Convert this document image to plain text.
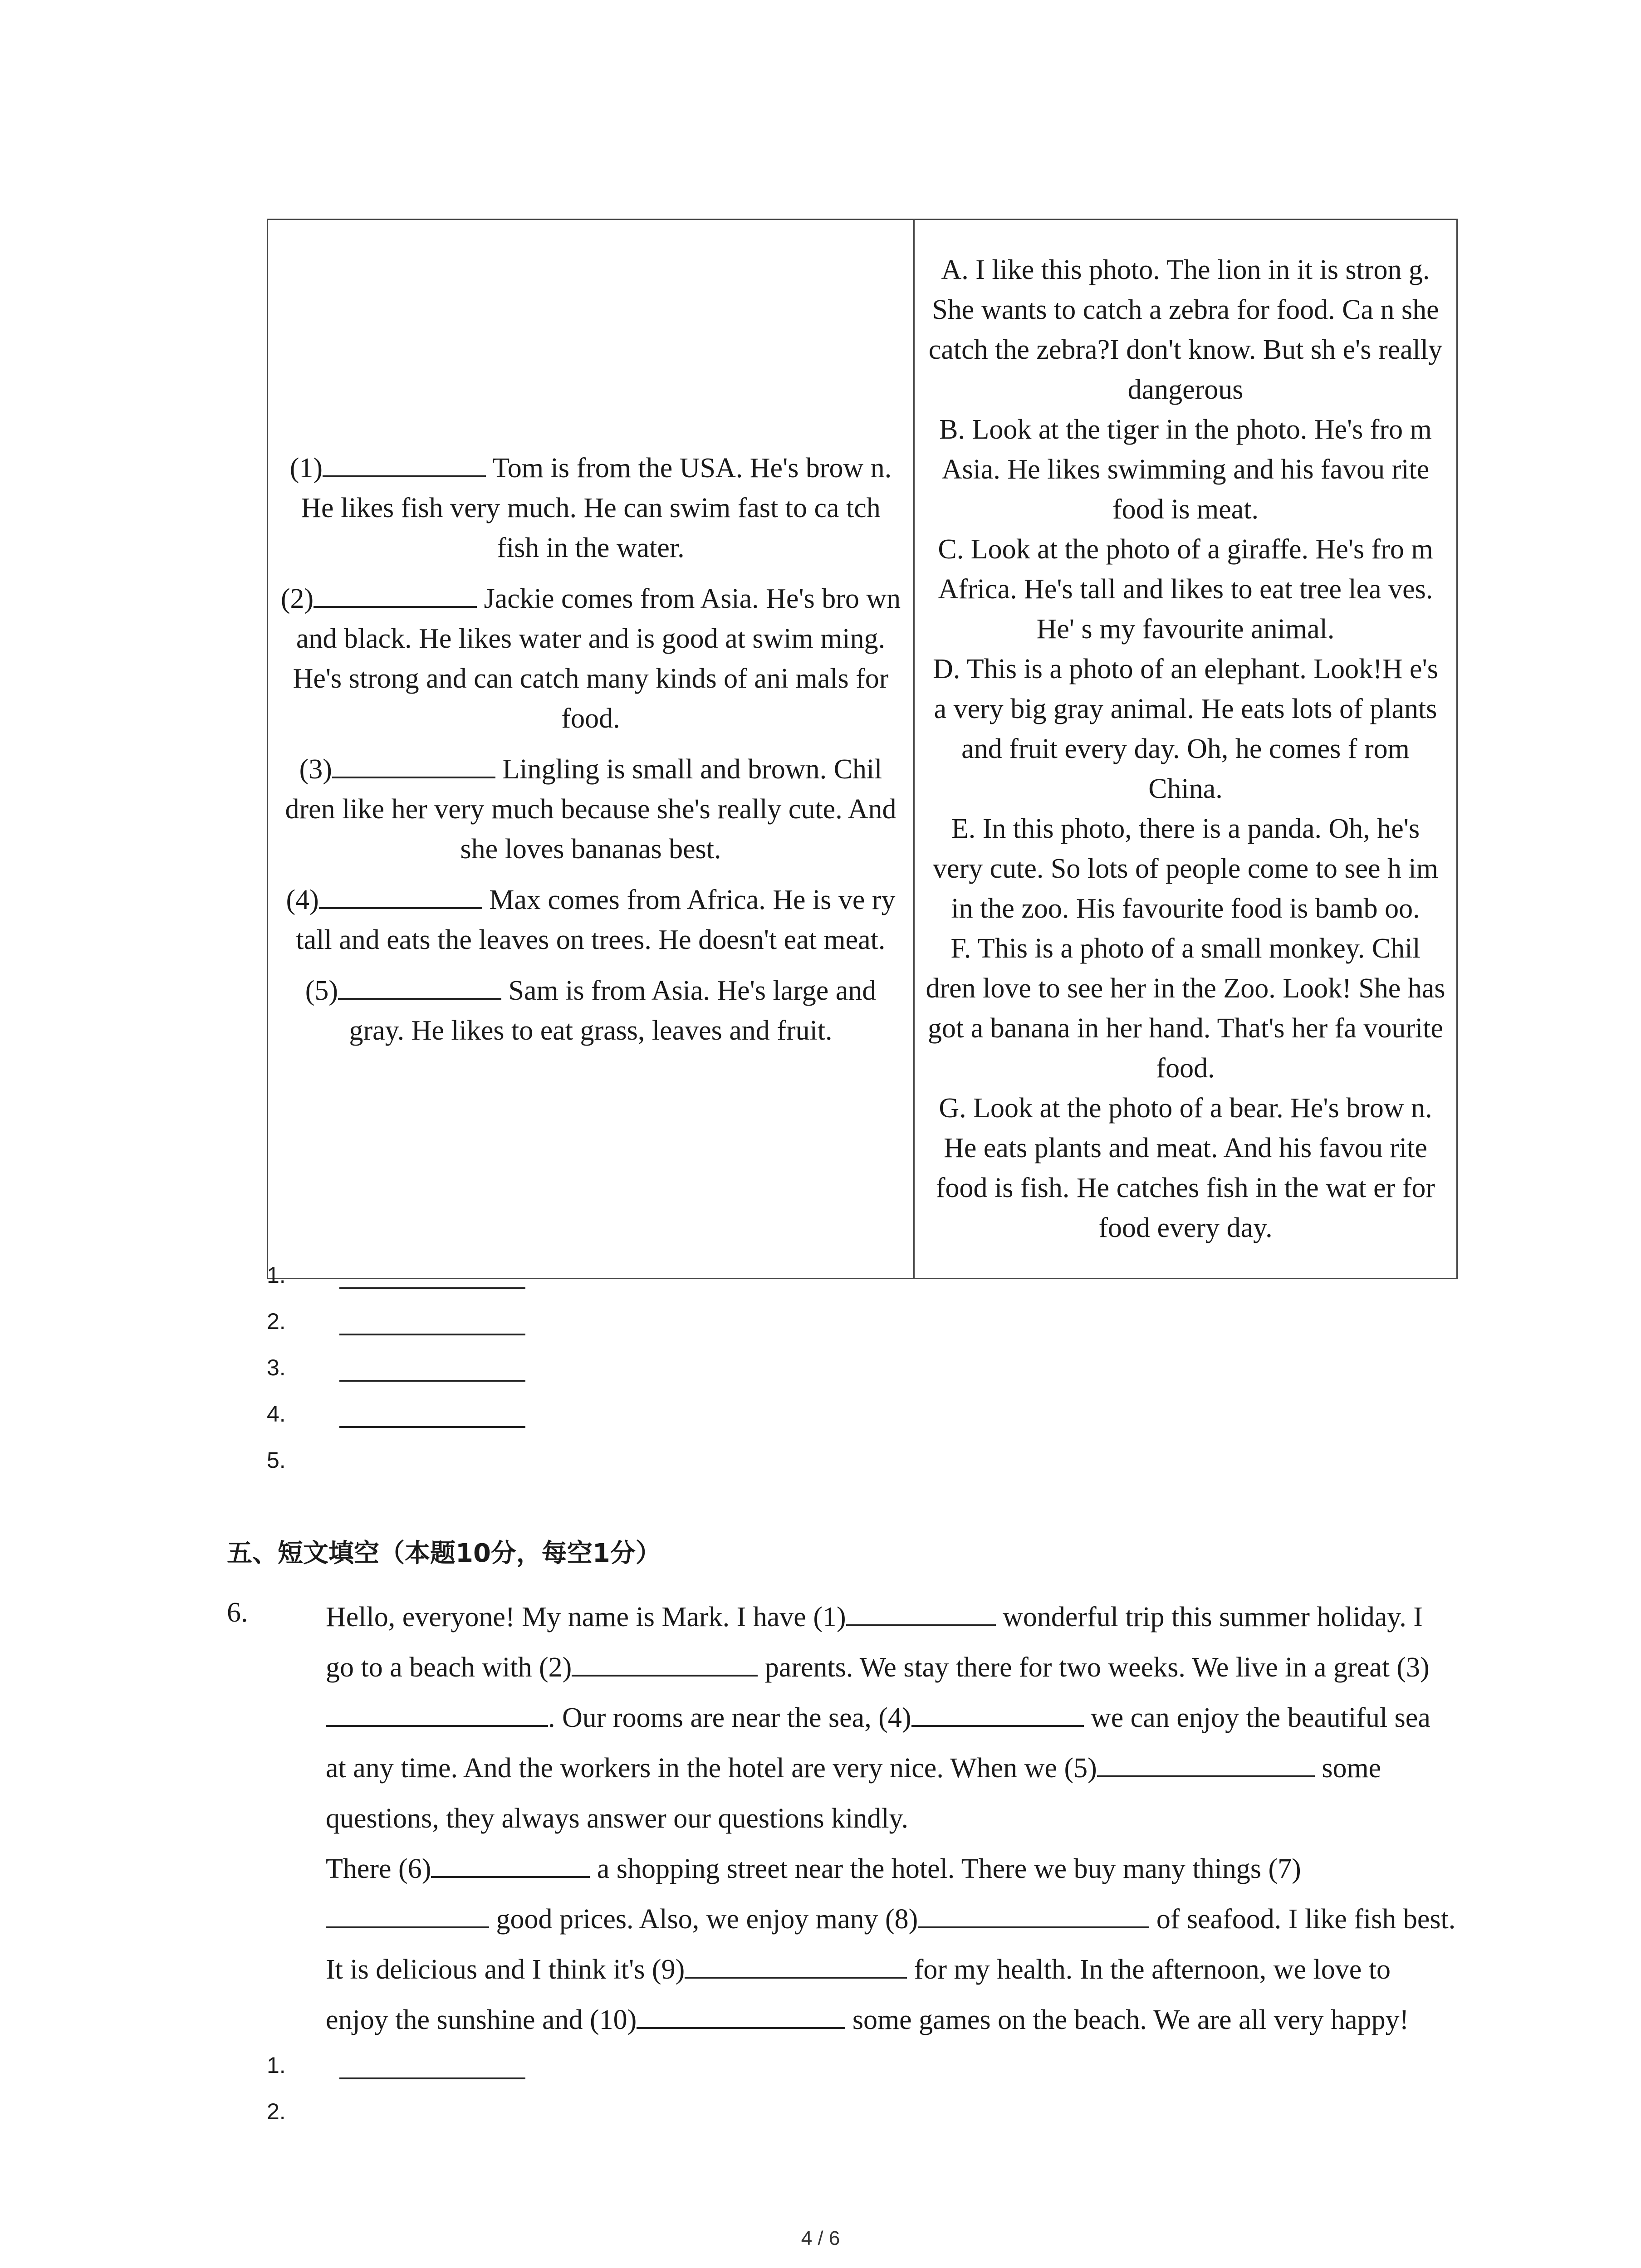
(1)	Tom is from the USA. He's brow n. He likes fish very much. He can swim fast to ca tch fish in the water.
(2)	Jackie comes from Asia. He's bro wn and black. He likes water and is good at swim ming. He's strong and can catch many kinds of ani mals for food.
(3)	Lingling is small and brown. Chil dren like her very much because she's really cute. And she loves bananas best.
(4)	Max comes from Africa. He is ve ry tall and eats the leaves on trees. He doesn't eat meat.
(5)	Sam is from Asia. He's large and gray. He likes to eat grass, leaves and fruit.

A. I like this photo. The lion in it is stron g. She wants to catch a zebra for food. Ca n she catch the zebra?I don't know. But sh e's really dangerous
B. Look at the tiger in the photo. He's fro m Asia. He likes swimming and his favou rite food is meat.
C. Look at the photo of a giraffe. He's fro m Africa. He's tall and likes to eat tree lea ves. He' s my favourite animal.
D. This is a photo of an elephant. Look!H e's a very big gray animal. He eats lots of plants and fruit every day. Oh, he comes f rom China.
E. In this photo, there is a panda. Oh, he's very cute. So lots of people come to see h im in the zoo. His favourite food is bamb oo.
F. This is a photo of a small monkey. Chil dren love to see her in the Zoo. Look! She has got a banana in her hand. That's her fa vourite food.
G. Look at the photo of a bear. He's brow n. He eats plants and meat. And his favou rite food is fish. He catches fish in the wat er for food every day.
1.
2.
3.
4.
5.
五、短文填空（本题10分，每空1分）
6.	Hello, everyone! My name is Mark. I have (1)	wonderful trip this summer holiday. I go to a beach with (2)	parents. We stay there for two weeks. We live in a great (3). Our rooms are near the sea, (4)	we can enjoy the beautiful sea at any time. And the workers in the hotel are very nice. When we (5)	some questions, they always answer our questions kindly.

There (6)	a shopping street near the hotel. There we buy many things (7) good prices. Also, we enjoy many (8)	of seafood. I like fish best. It is delicious and I think it's (9)	for my health. In the afternoon, we love to enjoy the sunshine and (10)	some games on the beach. We are all very happy!

1.
2.
4 / 6
